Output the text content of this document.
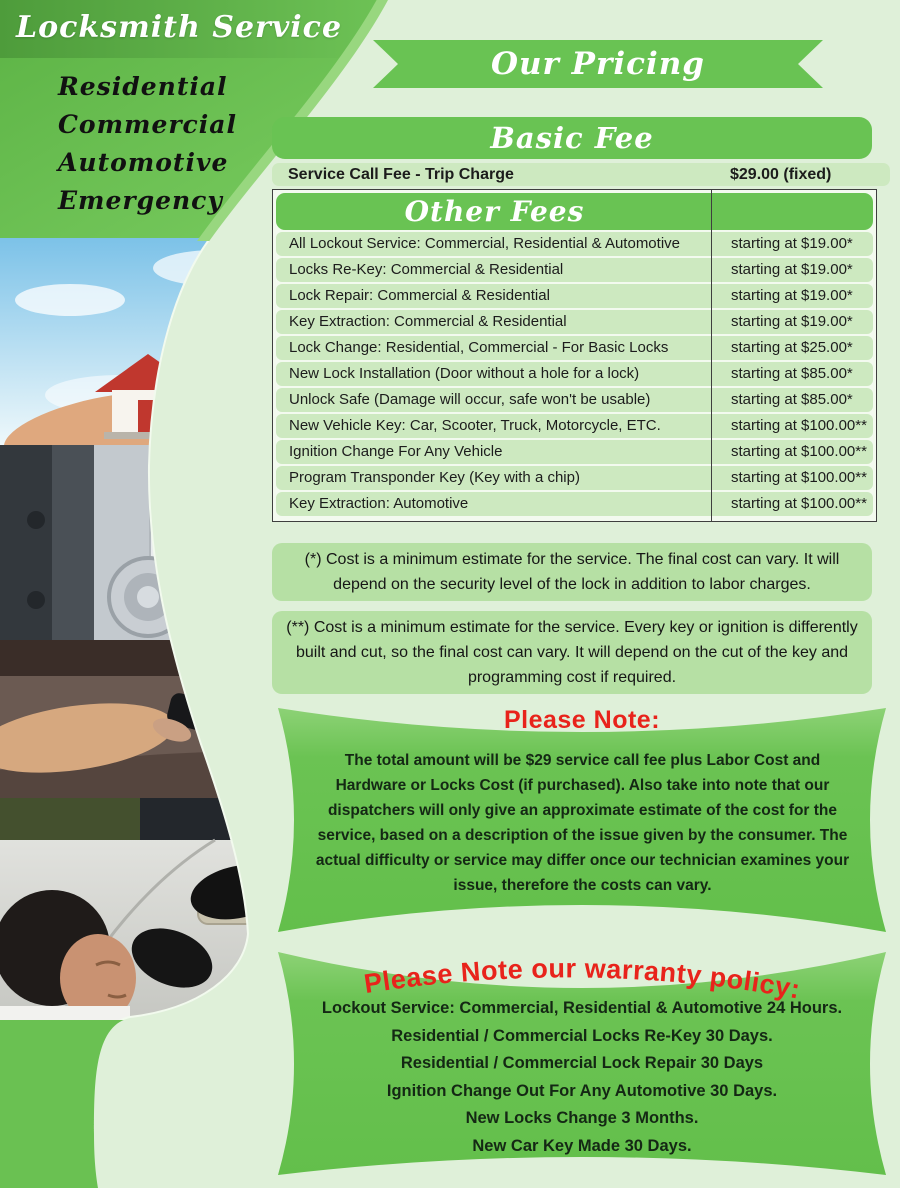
Locksmith Service
Residential
Commercial
Automotive
Emergency
Our Pricing
Basic Fee
Service Call Fee - Trip Charge	$29.00 (fixed)
Other Fees
All Lockout Service: Commercial, Residential & Automotive	starting at $19.00*
Locks Re-Key: Commercial & Residential	starting at $19.00*
Lock Repair: Commercial & Residential	starting at $19.00*
Key Extraction: Commercial & Residential	starting at $19.00*
Lock Change: Residential, Commercial - For Basic Locks	starting at $25.00*
New Lock Installation (Door without a hole for a lock)	starting at $85.00*
Unlock Safe (Damage will occur, safe won't be usable)	starting at $85.00*
New Vehicle Key: Car, Scooter, Truck, Motorcycle, ETC.	starting at $100.00**
Ignition Change For Any Vehicle	starting at $100.00**
Program Transponder Key (Key with a chip)	starting at $100.00**
Key Extraction: Automotive	starting at $100.00**
(*) Cost is a minimum estimate for the service. The final cost can vary. It will depend on the security level of the lock in addition to labor charges.
(**) Cost is a minimum estimate for the service. Every key or ignition is differently built and cut, so the final cost can vary. It will depend on the cut of the key and programming cost if required.
Please Note:
The total amount will be $29 service call fee plus Labor Cost and Hardware or Locks Cost (if purchased). Also take into note that our dispatchers will only give an approximate estimate of the cost for the service, based on a description of the issue given by the consumer. The actual difficulty or service may differ once our technician examines your issue, therefore the costs can vary.
Please Note our warranty policy:
Lockout Service: Commercial, Residential & Automotive 24 Hours.
Residential / Commercial Locks Re-Key 30 Days.
Residential / Commercial Lock Repair 30 Days
Ignition Change Out For Any Automotive 30 Days.
New Locks Change 3 Months.
New Car Key Made 30 Days.
